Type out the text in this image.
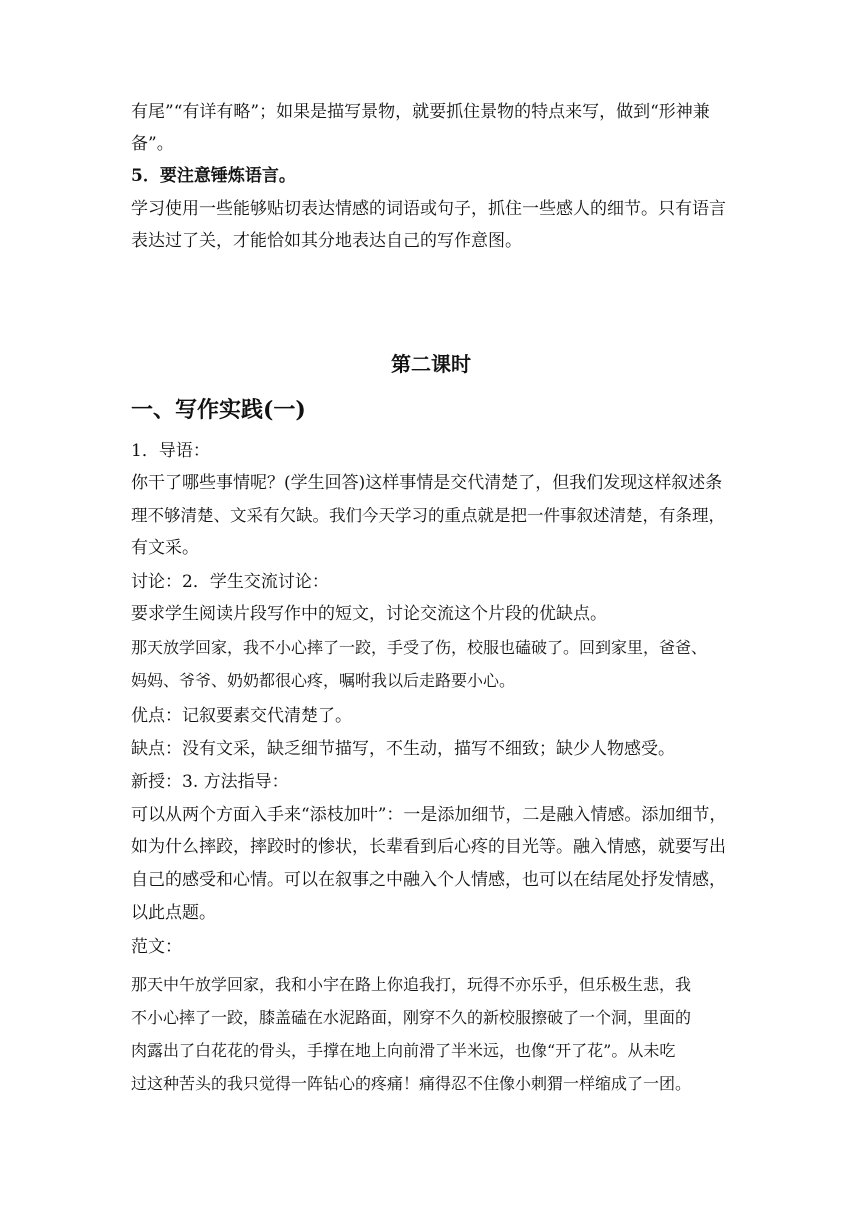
有尾”“有详有略”；如果是描写景物，就要抓住景物的特点来写，做到“形神兼

备”。

5．要注意锤炼语言。

学习使用一些能够贴切表达情感的词语或句子，抓住一些感人的细节。只有语言

表达过了关，才能恰如其分地表达自己的写作意图。

第二课时
一、写作实践(一)

1．导语：

你干了哪些事情呢？(学生回答)这样事情是交代清楚了，但我们发现这样叙述条

理不够清楚、文采有欠缺。我们今天学习的重点就是把一件事叙述清楚，有条理，

有文采。

讨论：2．学生交流讨论：

要求学生阅读片段写作中的短文，讨论交流这个片段的优缺点。

那天放学回家，我不小心摔了一跤，手受了伤，校服也磕破了。回到家里，爸爸、

妈妈、爷爷、奶奶都很心疼，嘱咐我以后走路要小心。

优点：记叙要素交代清楚了。

缺点：没有文采，缺乏细节描写，不生动，描写不细致；缺少人物感受。

新授：3. 方法指导：

可以从两个方面入手来“添枝加叶”：一是添加细节，二是融入情感。添加细节，

如为什么摔跤，摔跤时的惨状，长辈看到后心疼的目光等。融入情感，就要写出

自己的感受和心情。可以在叙事之中融入个人情感，也可以在结尾处抒发情感，

以此点题。

范文：

那天中午放学回家，我和小宇在路上你追我打，玩得不亦乐乎，但乐极生悲，我

不小心摔了一跤，膝盖磕在水泥路面，刚穿不久的新校服擦破了一个洞，里面的

肉露出了白花花的骨头，手撑在地上向前滑了半米远，也像“开了花”。从未吃

过这种苦头的我只觉得一阵钻心的疼痛！痛得忍不住像小刺猬一样缩成了一团。
